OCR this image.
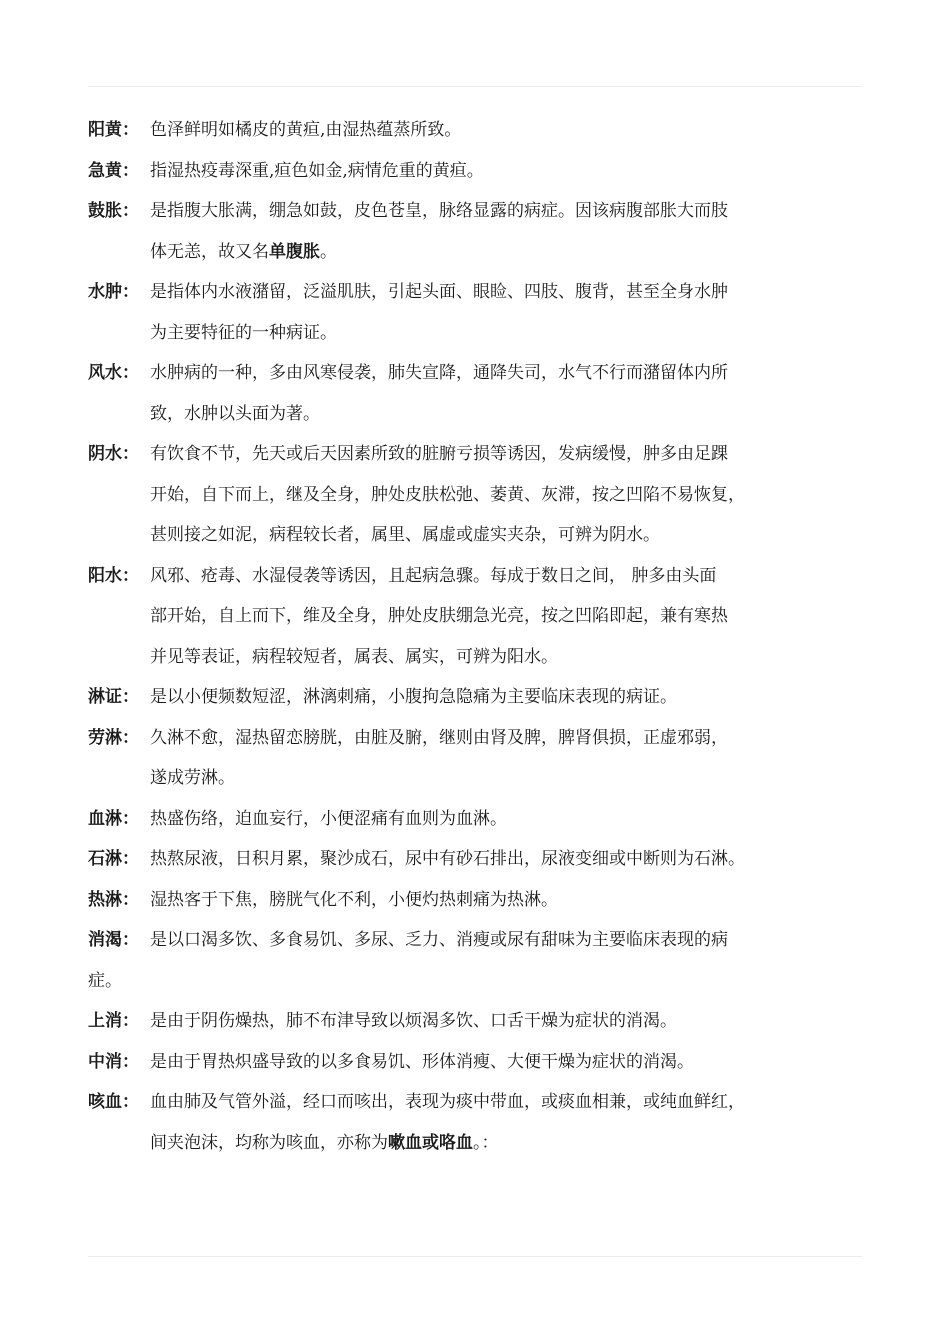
阳黄： 色泽鲜明如橘皮的黄疸,由湿热蕴蒸所致。
急黄： 指湿热疫毒深重,疸色如金,病情危重的黄疸。
鼓胀： 是指腹大胀满，绷急如鼓，皮色苍皇，脉络显露的病症。因该病腹部胀大而肢
体无恙，故又名单腹胀。
水肿： 是指体内水液潴留，泛溢肌肤，引起头面、眼睑、四肢、腹背，甚至全身水肿
为主要特征的一种病证。
风水： 水肿病的一种，多由风寒侵袭，肺失宣降，通降失司，水气不行而潴留体内所
致，水肿以头面为著。
阴水： 有饮食不节，先天或后天因素所致的脏腑亏损等诱因，发病缓慢，肿多由足踝
开始，自下而上，继及全身，肿处皮肤松弛、萎黄、灰滞，按之凹陷不易恢复，
甚则接之如泥，病程较长者，属里、属虚或虚实夹杂，可辨为阴水。
阳水： 风邪、疮毒、水湿侵袭等诱因，且起病急骤。每成于数日之间， 肿多由头面
部开始，自上而下，维及全身，肿处皮肤绷急光亮，按之凹陷即起，兼有寒热
并见等表证，病程较短者，属表、属实，可辨为阳水。
淋证： 是以小便频数短涩，淋漓刺痛，小腹拘急隐痛为主要临床表现的病证。
劳淋： 久淋不愈，湿热留恋膀胱，由脏及腑，继则由肾及脾，脾肾俱损，正虚邪弱，
遂成劳淋。
血淋： 热盛伤络，迫血妄行，小便涩痛有血则为血淋。
石淋： 热熬尿液，日积月累，聚沙成石，尿中有砂石排出，尿液变细或中断则为石淋。
热淋： 湿热客于下焦，膀胱气化不利，小便灼热刺痛为热淋。
消渴： 是以口渴多饮、多食易饥、多尿、乏力、消瘦或尿有甜味为主要临床表现的病
症。
上消： 是由于阴伤燥热，肺不布津导致以烦渴多饮、口舌干燥为症状的消渴。
中消： 是由于胃热炽盛导致的以多食易饥、形体消瘦、大便干燥为症状的消渴。
咳血： 血由肺及气管外溢，经口而咳出，表现为痰中带血，或痰血相兼，或纯血鲜红，
间夹泡沫，均称为咳血，亦称为嗽血或咯血。：
